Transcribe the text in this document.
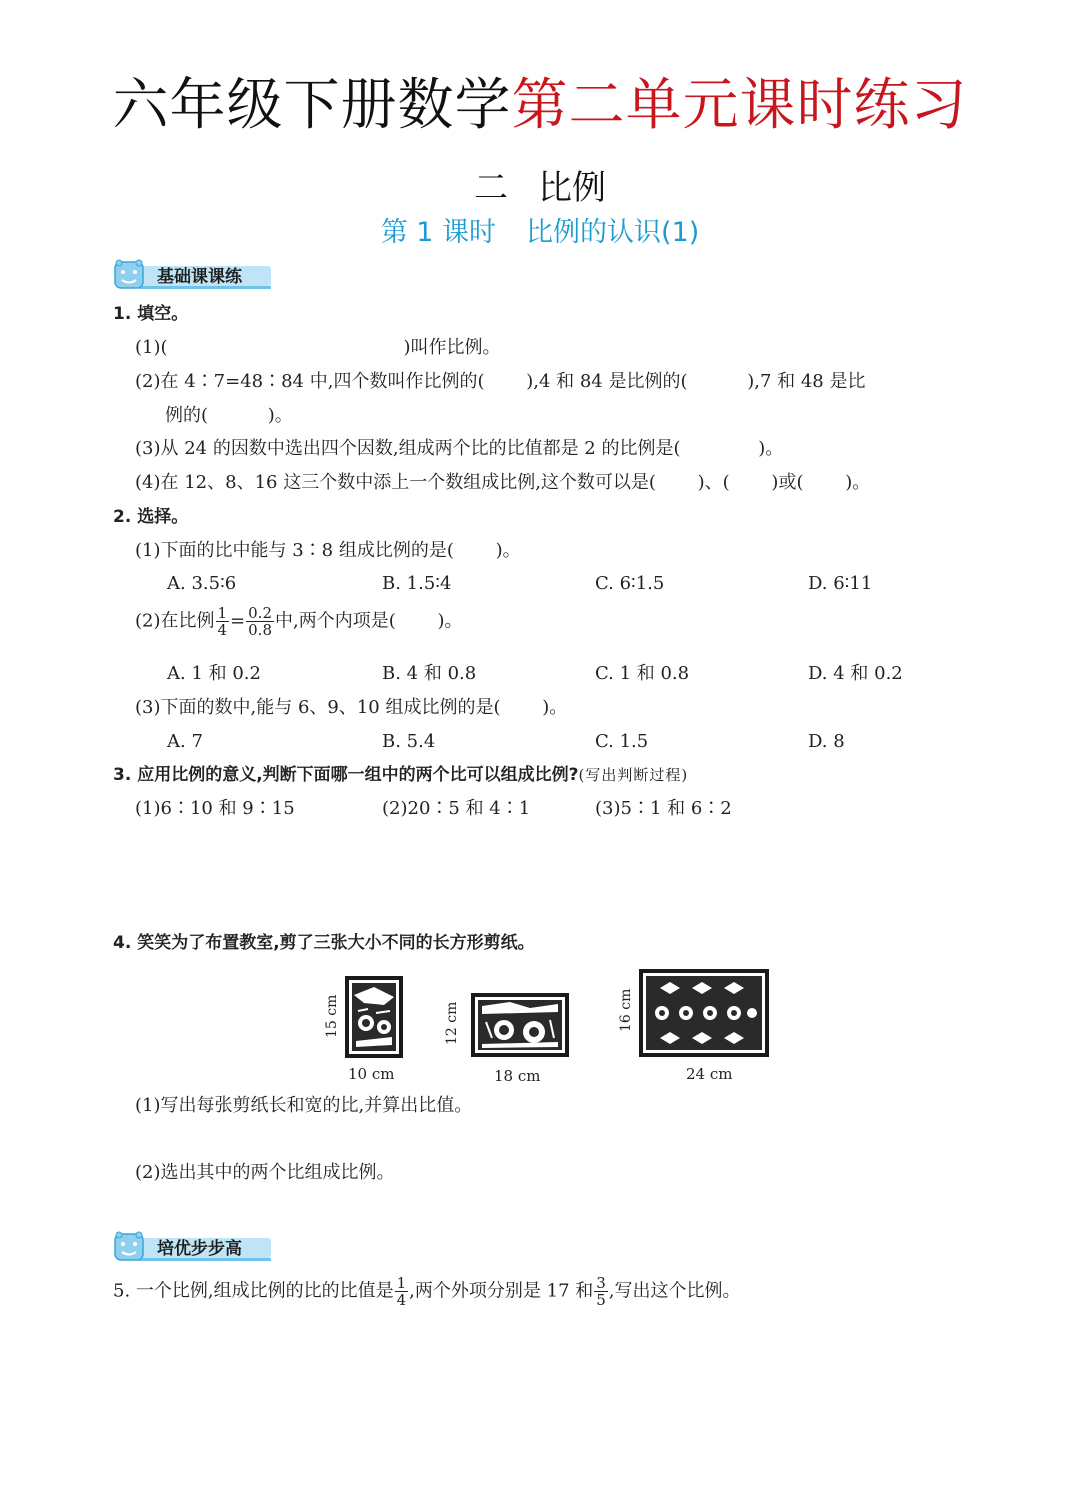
六年级下册数学第二单元课时练习
二 比例
第 1 课时 比例的认识(1)
基础课课练
1. 填空。
(1)(	)叫作比例。
(2)在 4∶7=48∶84 中,四个数叫作比例的(　　 ),4 和 84 是比例的(　　　 ),7 和 48 是比
例的(　　　 )。
(3)从 24 的因数中选出四个因数,组成两个比的比值都是 2 的比例是(　　　　 )。
(4)在 12、8、16 这三个数中添上一个数组成比例,这个数可以是(　　 )、(　　 )或(　　 )。
2. 选择。
(1)下面的比中能与 3∶8 组成比例的是(　　 )。
A. 3.5∶6	B. 1.5∶4	C. 6∶1.5	D. 6∶11
(2)在比例 $\frac{1}{4} = \frac{0.2}{0.8}$ 中,两个内项是(　　 )。
A. 1 和 0.2	B. 4 和 0.8	C. 1 和 0.8	D. 4 和 0.2
(3)下面的数中,能与 6、9、10 组成比例的是(　　 )。
A. 7	B. 5.4	C. 1.5	D. 8
3. 应用比例的意义,判断下面哪一组中的两个比可以组成比例?(写出判断过程)
(1)6∶10 和 9∶15	(2)20∶5 和 4∶1	(3)5∶1 和 6∶2
4. 笑笑为了布置教室,剪了三张大小不同的长方形剪纸。
15 cm
10 cm
12 cm
18 cm
16 cm
24 cm
(1)写出每张剪纸长和宽的比,并算出比值。
(2)选出其中的两个比组成比例。
培优步步高
5. 一个比例,组成比例的比的比值是 $\frac{1}{4}$ ,两个外项分别是 17 和 $\frac{3}{5}$ ,写出这个比例。
